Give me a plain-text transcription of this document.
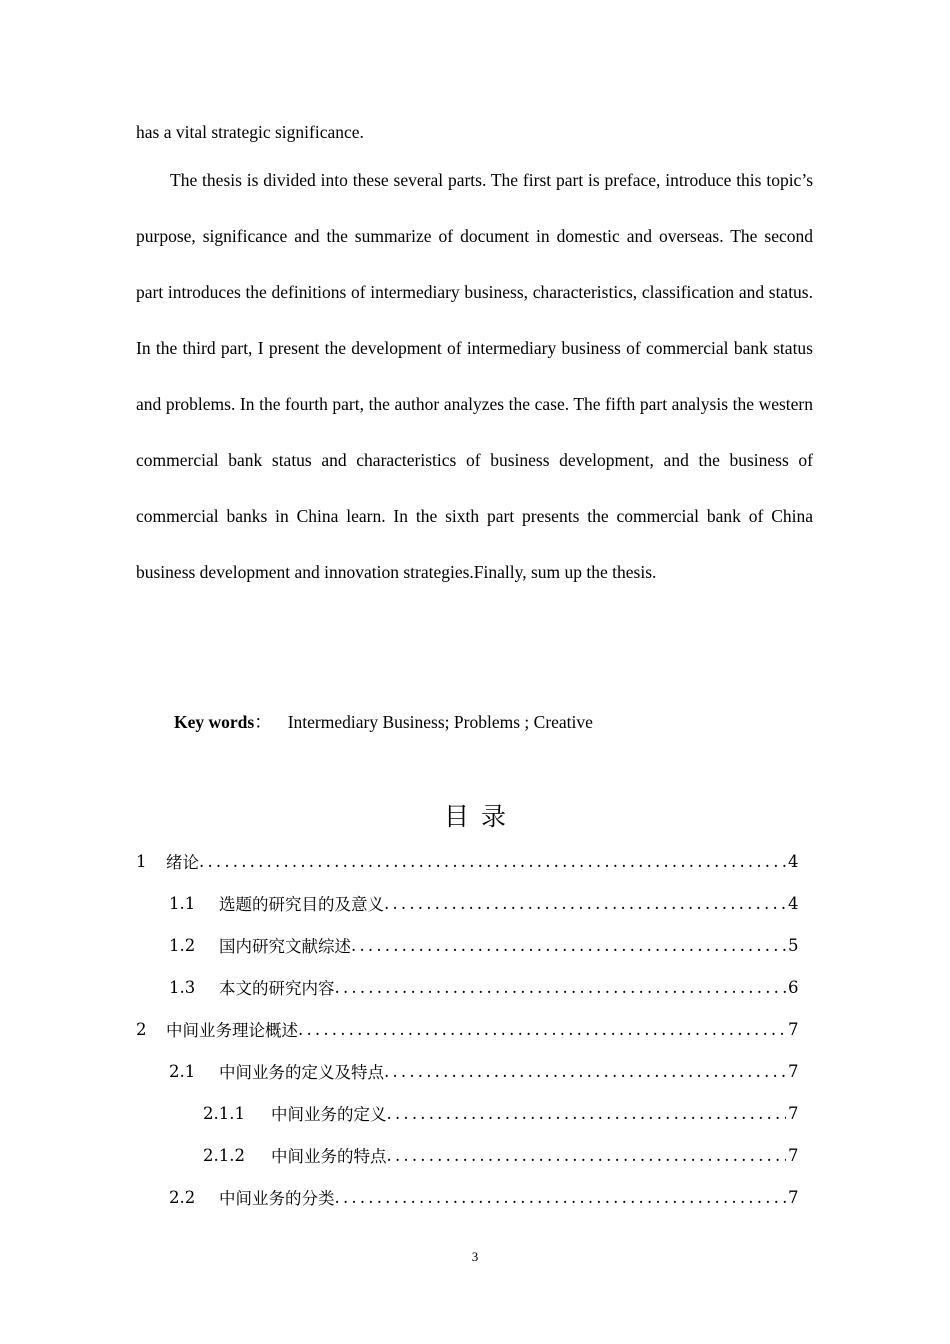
has a vital strategic significance.
The thesis is divided into these several parts. The first part is preface, introduce this topic’s purpose, significance and the summarize of document in domestic and overseas. The second part introduces the definitions of intermediary business, characteristics, classification and status. In the third part, I present the development of intermediary business of commercial bank status and problems. In the fourth part, the author analyzes the case. The fifth part analysis the western commercial bank status and characteristics of business development, and the business of commercial banks in China learn. In the sixth part presents the commercial bank of China business development and innovation strategies.Finally, sum up the thesis.
Key words： Intermediary Business; Problems ; Creative
目录
1	绪论 .....	4
1.1	选题的研究目的及意义 .....	4
1.2	国内研究文献综述 .....	5
1.3	本文的研究内容 .....	6
2	中间业务理论概述 .....	7
2.1	中间业务的定义及特点 .....	7
2.1.1	中间业务的定义 .....	7
2.1.2	中间业务的特点 .....	7
2.2	中间业务的分类 .....	7
3
